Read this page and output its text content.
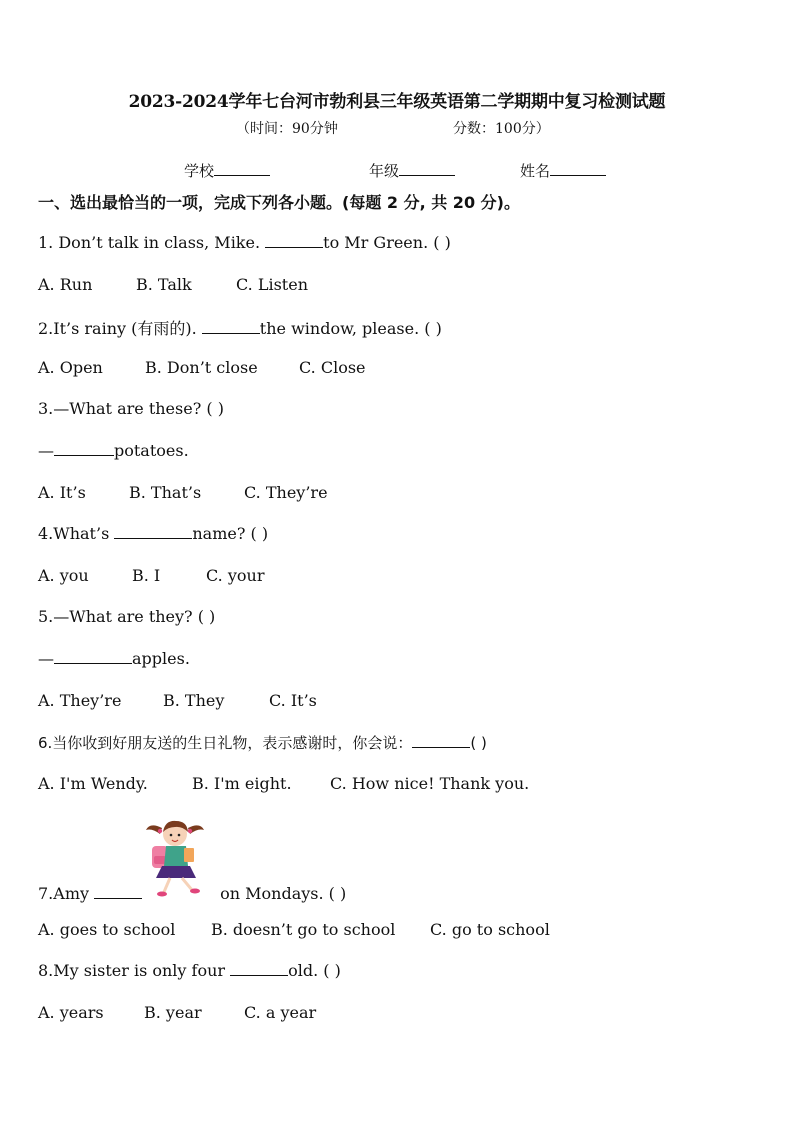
2023-2024学年七台河市勃利县三年级英语第二学期期中复习检测试题
（时间：90分钟	分数：100分）
学校	年级	姓名
一、选出最恰当的一项，完成下列各小题。(每题 2 分, 共 20 分)。
1. Don’t talk in class, Mike.	to Mr Green. ( )
A. Run	B. Talk	C. Listen
2.It’s rainy (有雨的).	the window, please. ( )
A. Open	B. Don’t close	C. Close
3.—What are these? ( )
—	potatoes.
A. It’s	B. That’s	C. They’re
4.What’s	name? ( )
A. you	B. I	C. your
5.—What are they? ( )
—	apples.
A. They’re	B. They	C. It’s
6.当你收到好朋友送的生日礼物，表示感谢时，你会说：	( )
A. I'm Wendy.	B. I'm eight. C. How nice! Thank you.
7.Amy	on Mondays. ( )
A. goes to school B. doesn’t go to school C. go to school
8.My sister is only four	old. ( )
A. years	B. year	C. a year
